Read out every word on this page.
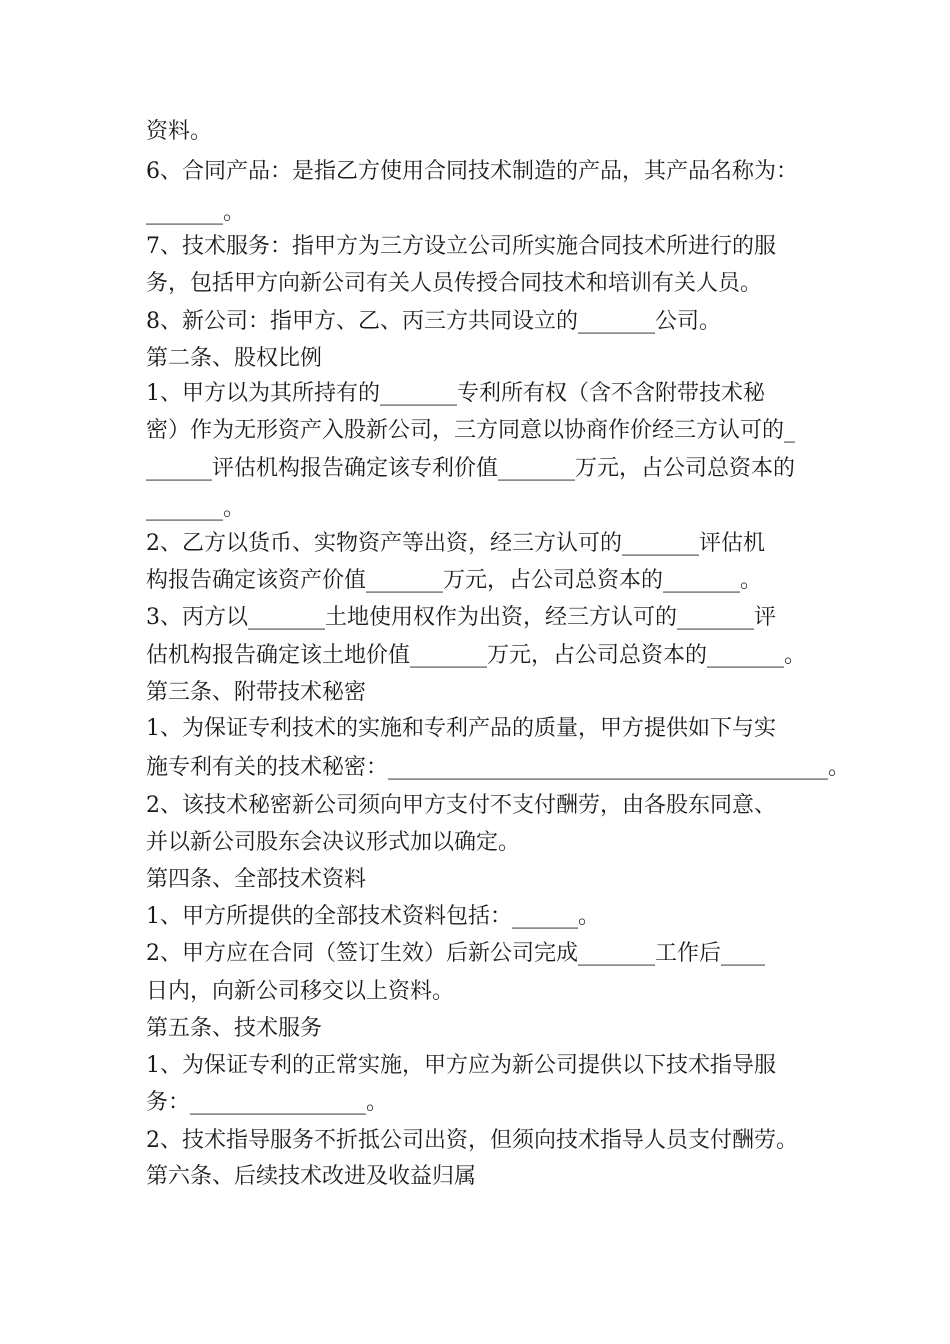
资料。
6、合同产品：是指乙方使用合同技术制造的产品，其产品名称为：
_______。
7、技术服务：指甲方为三方设立公司所实施合同技术所进行的服
务，包括甲方向新公司有关人员传授合同技术和培训有关人员。
8、新公司：指甲方、乙、丙三方共同设立的_______公司。
第二条、股权比例
1、甲方以为其所持有的_______专利所有权（含不含附带技术秘
密）作为无形资产入股新公司，三方同意以协商作价经三方认可的_
______评估机构报告确定该专利价值_______万元，占公司总资本的
_______。
2、乙方以货币、实物资产等出资，经三方认可的_______评估机
构报告确定该资产价值_______万元，占公司总资本的_______。
3、丙方以_______土地使用权作为出资，经三方认可的_______评
估机构报告确定该土地价值_______万元，占公司总资本的_______。
第三条、附带技术秘密
1、为保证专利技术的实施和专利产品的质量，甲方提供如下与实
施专利有关的技术秘密：________________________________________。
2、该技术秘密新公司须向甲方支付不支付酬劳，由各股东同意、
并以新公司股东会决议形式加以确定。
第四条、全部技术资料
1、甲方所提供的全部技术资料包括：______。
2、甲方应在合同（签订生效）后新公司完成_______工作后____
日内，向新公司移交以上资料。
第五条、技术服务
1、为保证专利的正常实施，甲方应为新公司提供以下技术指导服
务：________________。
2、技术指导服务不折抵公司出资，但须向技术指导人员支付酬劳。
第六条、后续技术改进及收益归属
